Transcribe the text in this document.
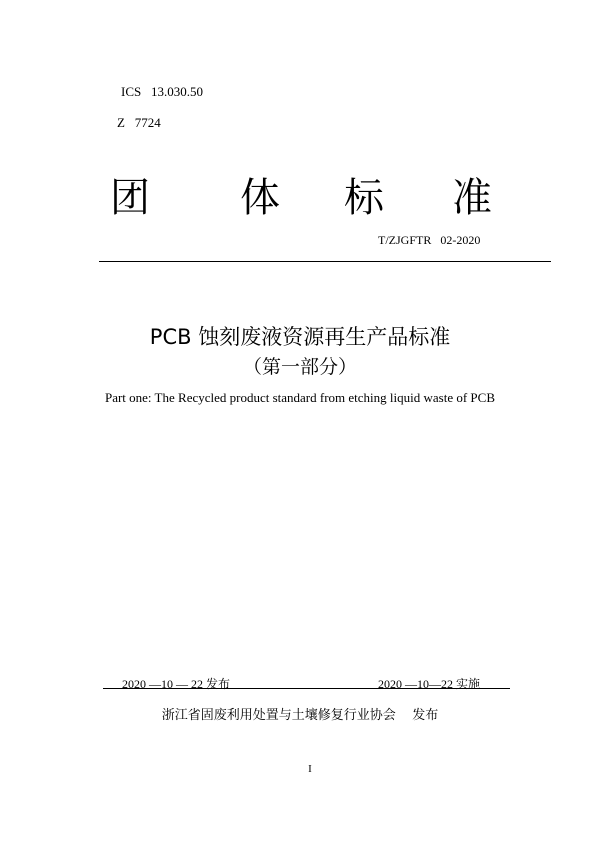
ICS   13.030.50
Z   7724
团 体 标 准
T/ZJGFTR   02-2020
PCB 蚀刻废液资源再生产品标准
（第一部分）
Part one: The Recycled product standard from etching liquid waste of PCB
2020 —10 — 22 发布	2020 —10—22 实施
浙江省固废利用处置与土壤修复行业协会    发布
I
